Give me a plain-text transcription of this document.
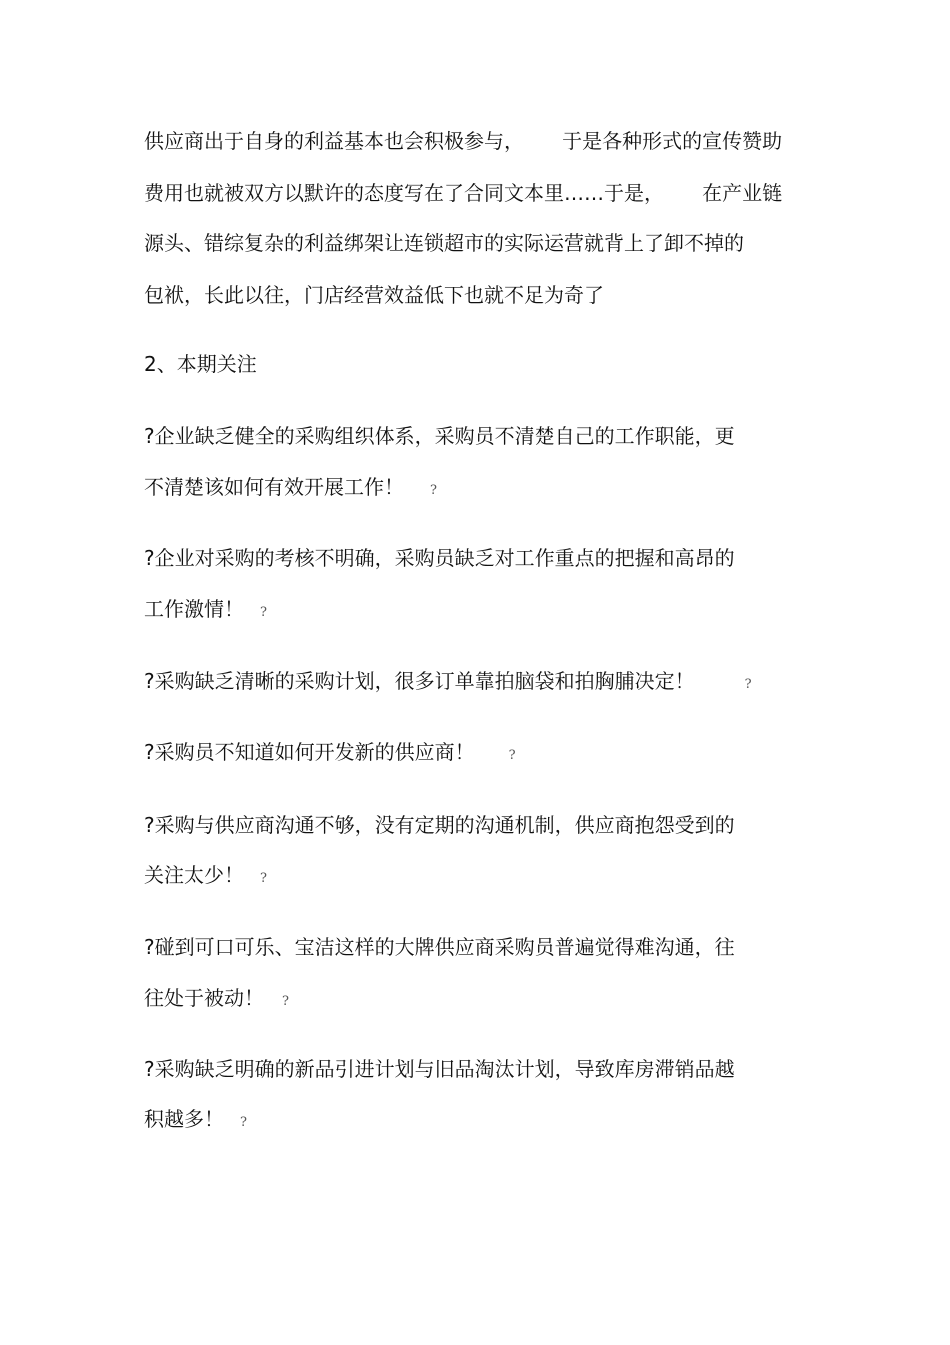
供应商出于自身的利益基本也会积极参与，      于是各种形式的宣传赞助
费用也就被双方以默许的态度写在了合同文本里……于是，      在产业链
源头、错综复杂的利益绑架让连锁超市的实际运营就背上了卸不掉的
包袱，长此以往，门店经营效益低下也就不足为奇了
2、本期关注
?企业缺乏健全的采购组织体系，采购员不清楚自己的工作职能，更
不清楚该如何有效开展工作！ ?
?企业对采购的考核不明确，采购员缺乏对工作重点的把握和高昂的
工作激情！ ?
?采购缺乏清晰的采购计划，很多订单靠拍脑袋和拍胸脯决定！	?
?采购员不知道如何开发新的供应商！	?
?采购与供应商沟通不够，没有定期的沟通机制，供应商抱怨受到的
关注太少！ ?
?碰到可口可乐、宝洁这样的大牌供应商采购员普遍觉得难沟通，往
往处于被动！ ?
?采购缺乏明确的新品引进计划与旧品淘汰计划，导致库房滞销品越
积越多！ ?
